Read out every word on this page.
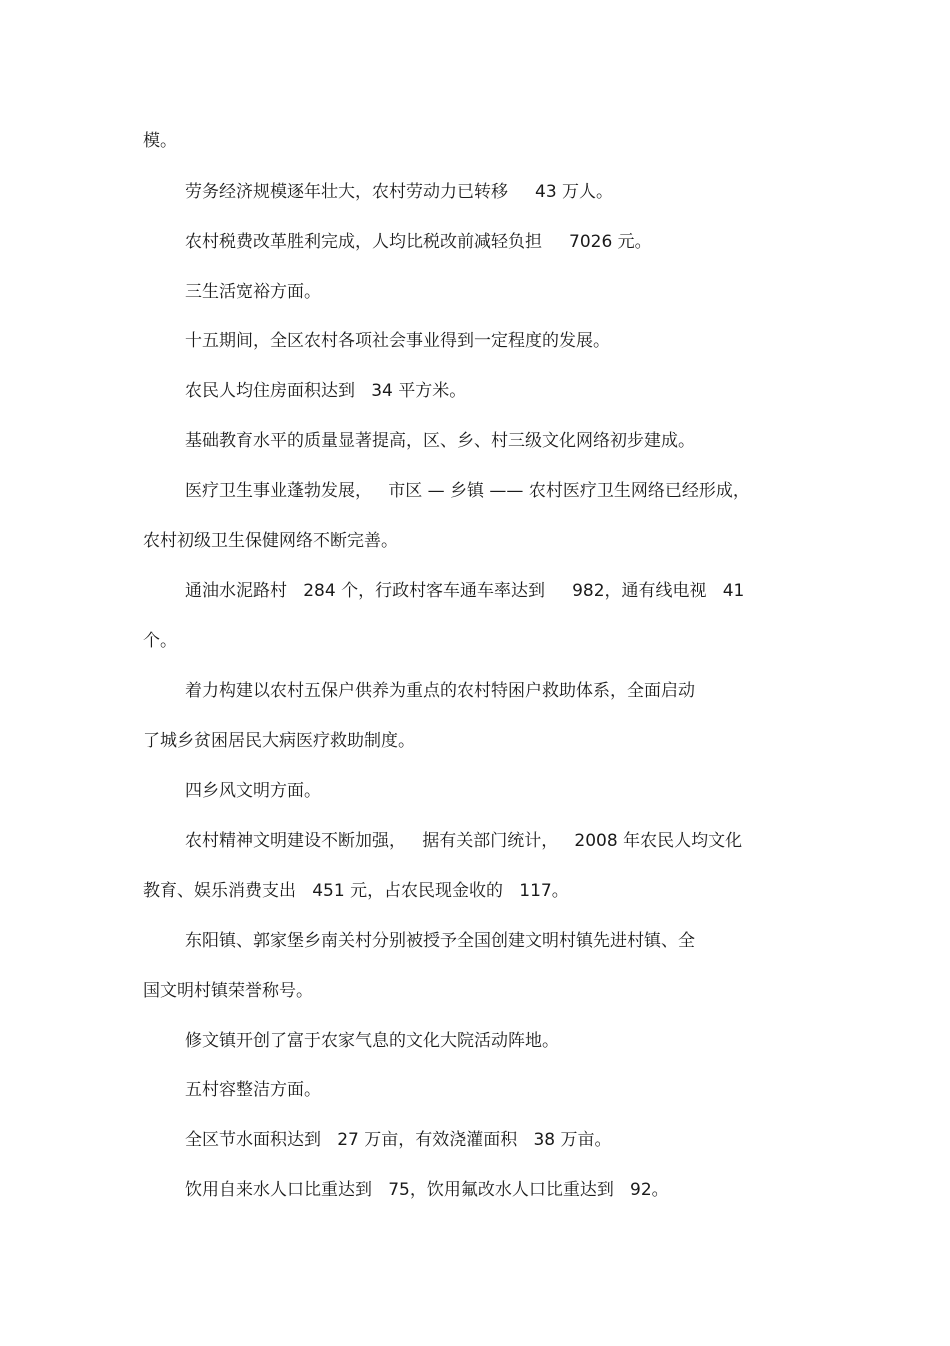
模。

劳务经济规模逐年壮大，农村劳动力已转移     43 万人。

农村税费改革胜利完成，人均比税改前减轻负担     7026 元。

三生活宽裕方面。

十五期间，全区农村各项社会事业得到一定程度的发展。

农民人均住房面积达到   34 平方米。

基础教育水平的质量显著提高，区、乡、村三级文化网络初步建成。

医疗卫生事业蓬勃发展，   市区 — 乡镇 —— 农村医疗卫生网络已经形成，

农村初级卫生保健网络不断完善。

通油水泥路村   284 个，行政村客车通车率达到     982，通有线电视   41

个。

着力构建以农村五保户供养为重点的农村特困户救助体系，全面启动

了城乡贫困居民大病医疗救助制度。

四乡风文明方面。

农村精神文明建设不断加强，   据有关部门统计，   2008 年农民人均文化

教育、娱乐消费支出   451 元，占农民现金收的   117。

东阳镇、郭家堡乡南关村分别被授予全国创建文明村镇先进村镇、全

国文明村镇荣誉称号。

修文镇开创了富于农家气息的文化大院活动阵地。

五村容整洁方面。

全区节水面积达到   27 万亩，有效浇灌面积   38 万亩。

饮用自来水人口比重达到   75，饮用氟改水人口比重达到   92。
